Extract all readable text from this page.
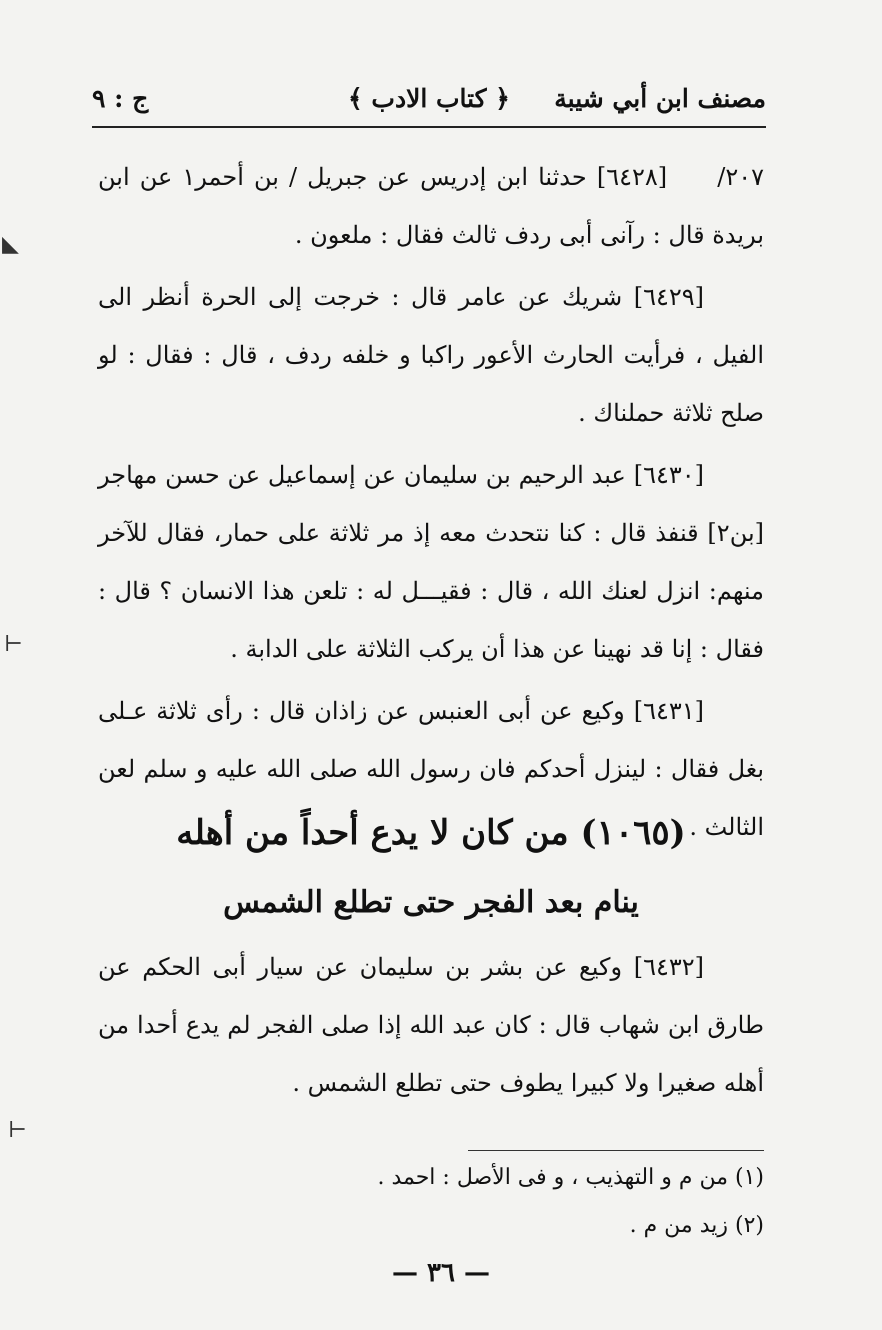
مصنف ابن أبي شيبة
﴿ كتاب الادب ﴾
ج : ٩

٢٠٧/ [٦٤٢٨] حدثنا ابن إدريس عن جبريل / بن أحمر١ عن ابن بريدة قال : رآنى أبى ردف ثالث فقال : ملعون .

[٦٤٢٩] شريك عن عامر قال : خرجت إلى الحرة أنظر الى الفيل ، فرأيت الحارث الأعور راكبا و خلفه ردف ، قال : فقال : لو صلح ثلاثة حملناك .

[٦٤٣٠] عبد الرحيم بن سليمان عن إسماعيل عن حسن مهاجر [بن٢] قنفذ قال : كنا نتحدث معه إذ مر ثلاثة على حمار، فقال للآخر منهم: انزل لعنك الله ، قال : فقيـــل له : تلعن هذا الانسان ؟ قال : فقال : إنا قد نهينا عن هذا أن يركب الثلاثة على الدابة .

[٦٤٣١] وكيع عن أبى العنبس عن زاذان قال : رأى ثلاثة عـلى بغل فقال : لينزل أحدكم فان رسول الله صلى الله عليه و سلم لعن الثالث .

(١٠٦٥) من كان لا يدع أحداً من أهله
ينام بعد الفجر حتى تطلع الشمس

[٦٤٣٢] وكيع عن بشر بن سليمان عن سيار أبى الحكم عن طارق ابن شهاب قال : كان عبد الله إذا صلى الفجر لم يدع أحدا من أهله صغيرا ولا كبيرا يطوف حتى تطلع الشمس .

(١) من م و التهذيب ، و فى الأصل : احمد .
(٢) زيد من م .
— ٣٦ —
◣
⊢
⊢
